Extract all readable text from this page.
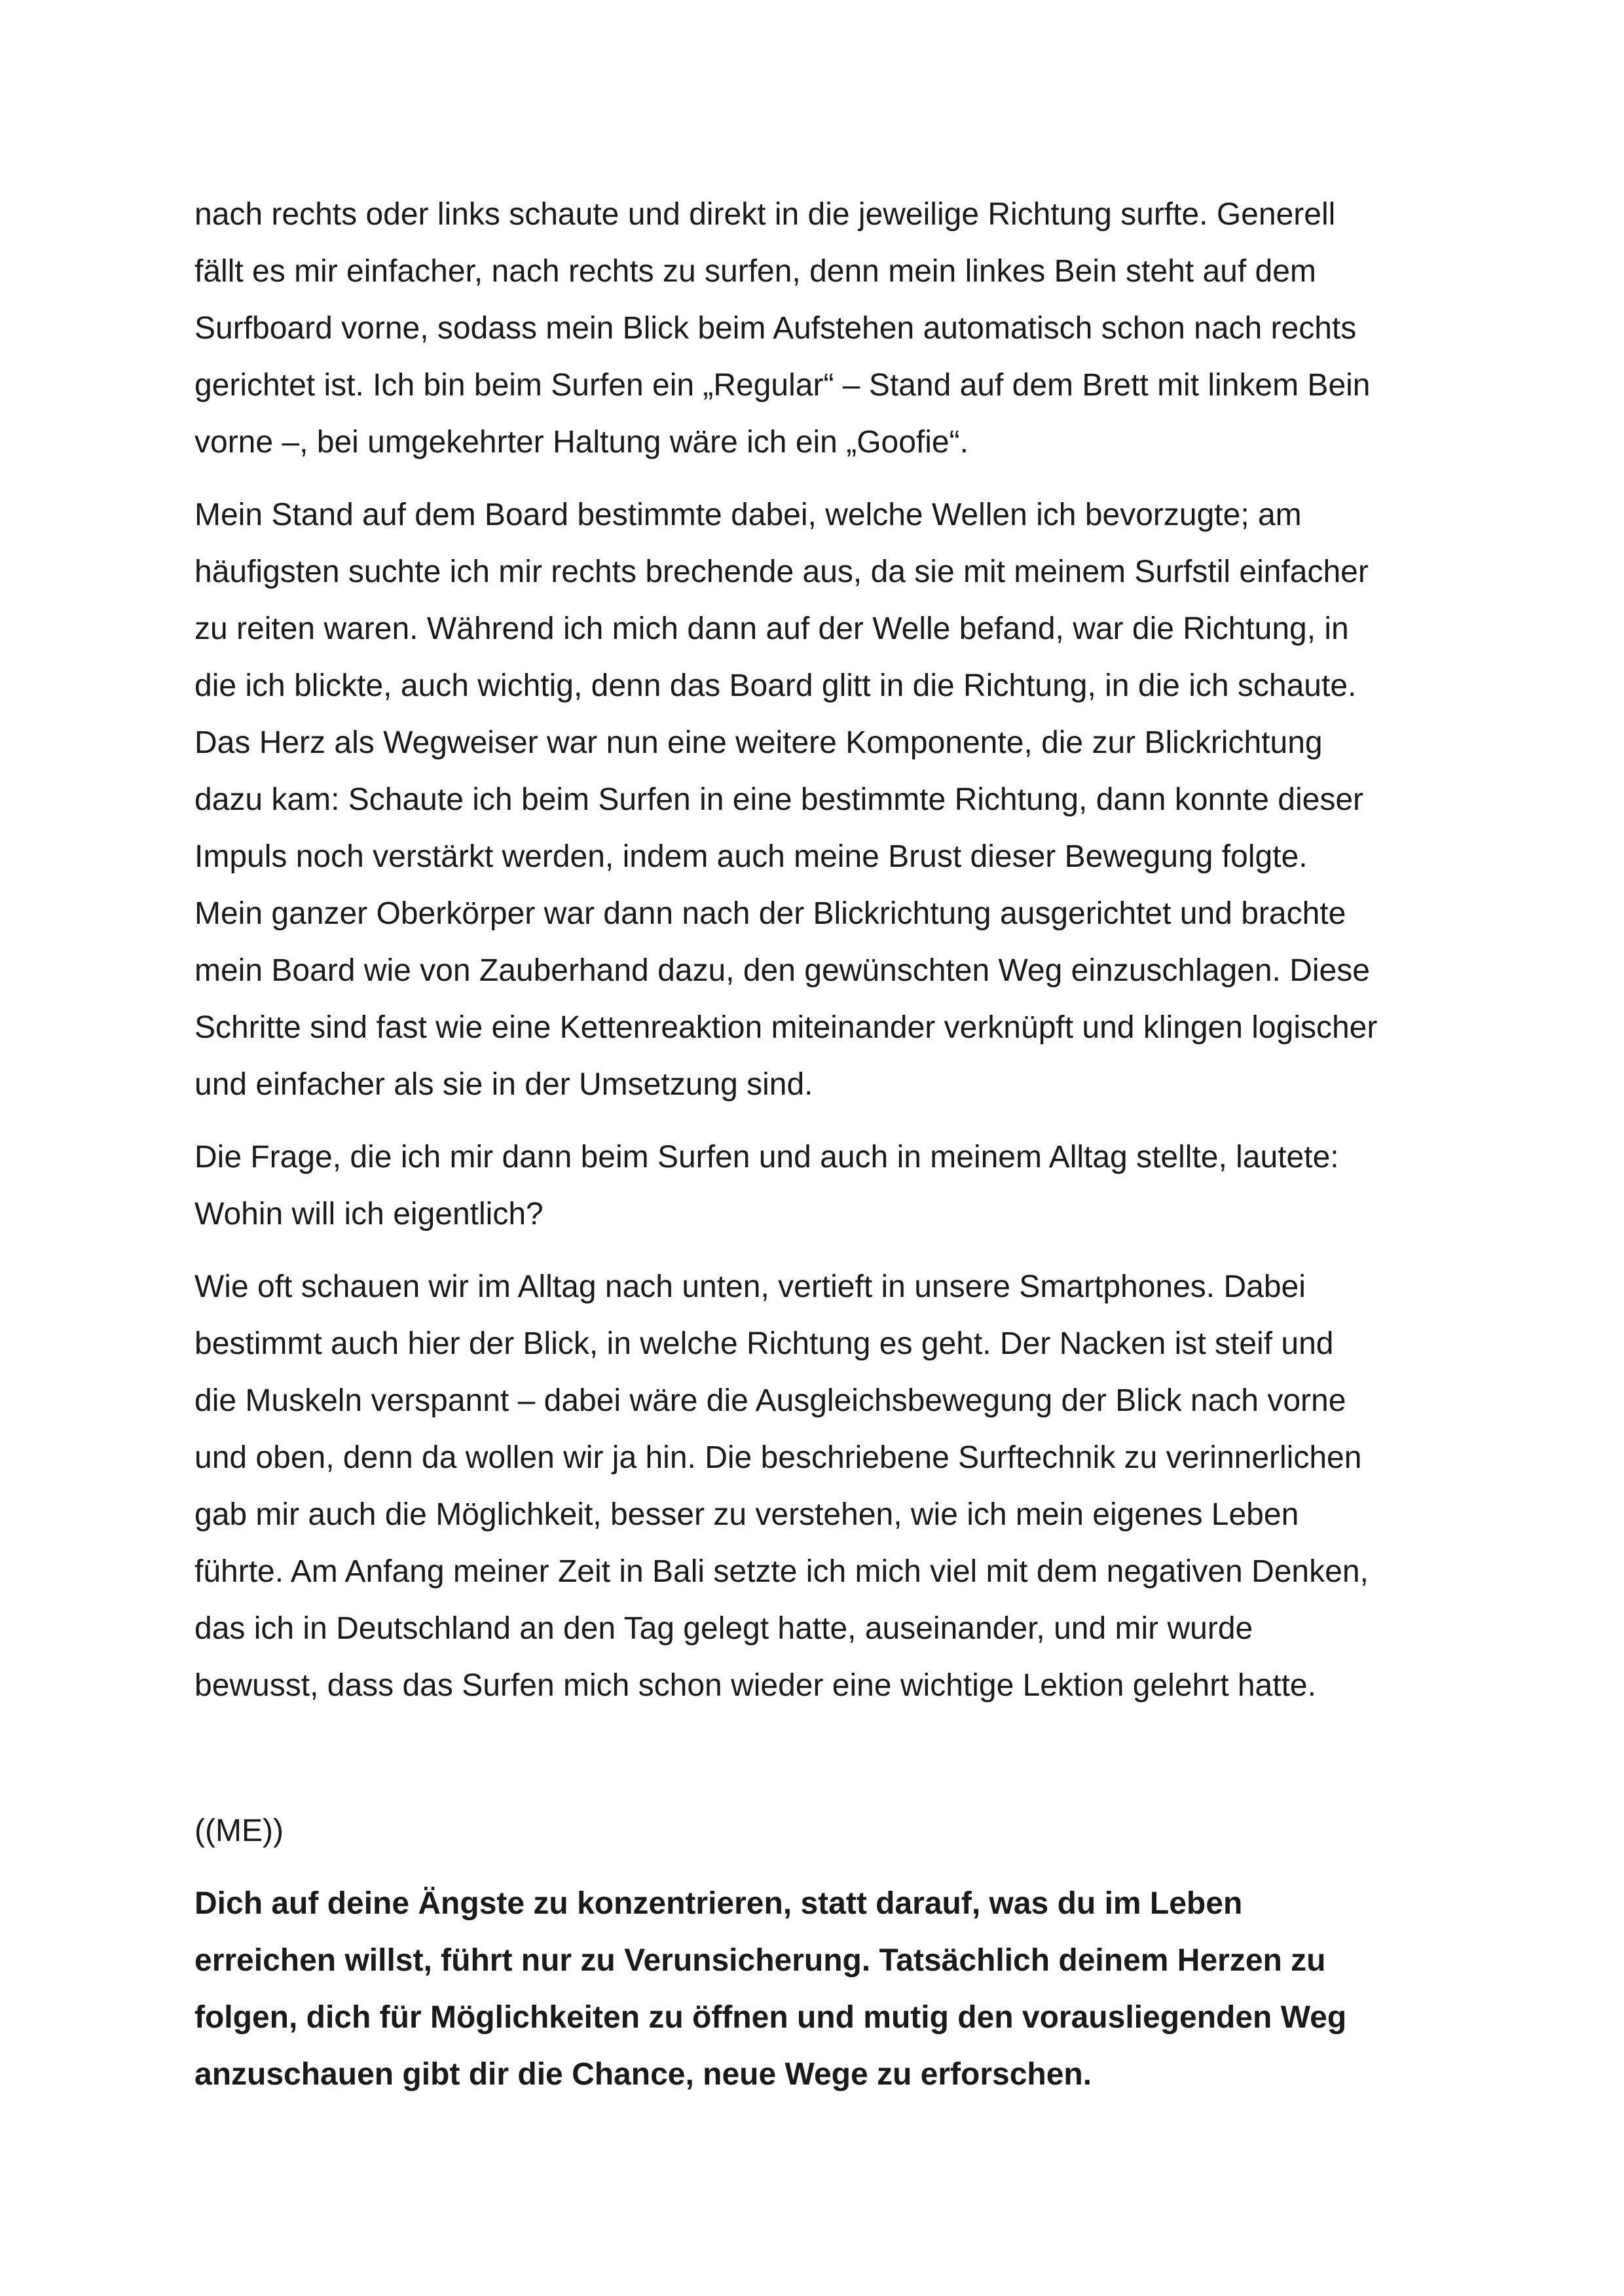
nach rechts oder links schaute und direkt in die jeweilige Richtung surfte. Generell
fällt es mir einfacher, nach rechts zu surfen, denn mein linkes Bein steht auf dem
Surfboard vorne, sodass mein Blick beim Aufstehen automatisch schon nach rechts
gerichtet ist. Ich bin beim Surfen ein „Regular“ – Stand auf dem Brett mit linkem Bein
vorne –, bei umgekehrter Haltung wäre ich ein „Goofie“.

Mein Stand auf dem Board bestimmte dabei, welche Wellen ich bevorzugte; am
häufigsten suchte ich mir rechts brechende aus, da sie mit meinem Surfstil einfacher
zu reiten waren. Während ich mich dann auf der Welle befand, war die Richtung, in
die ich blickte, auch wichtig, denn das Board glitt in die Richtung, in die ich schaute.
Das Herz als Wegweiser war nun eine weitere Komponente, die zur Blickrichtung
dazu kam: Schaute ich beim Surfen in eine bestimmte Richtung, dann konnte dieser
Impuls noch verstärkt werden, indem auch meine Brust dieser Bewegung folgte.
Mein ganzer Oberkörper war dann nach der Blickrichtung ausgerichtet und brachte
mein Board wie von Zauberhand dazu, den gewünschten Weg einzuschlagen. Diese
Schritte sind fast wie eine Kettenreaktion miteinander verknüpft und klingen logischer
und einfacher als sie in der Umsetzung sind.

Die Frage, die ich mir dann beim Surfen und auch in meinem Alltag stellte, lautete:
Wohin will ich eigentlich?

Wie oft schauen wir im Alltag nach unten, vertieft in unsere Smartphones. Dabei
bestimmt auch hier der Blick, in welche Richtung es geht. Der Nacken ist steif und
die Muskeln verspannt – dabei wäre die Ausgleichsbewegung der Blick nach vorne
und oben, denn da wollen wir ja hin. Die beschriebene Surftechnik zu verinnerlichen
gab mir auch die Möglichkeit, besser zu verstehen, wie ich mein eigenes Leben
führte. Am Anfang meiner Zeit in Bali setzte ich mich viel mit dem negativen Denken,
das ich in Deutschland an den Tag gelegt hatte, auseinander, und mir wurde
bewusst, dass das Surfen mich schon wieder eine wichtige Lektion gelehrt hatte.

((ME))

Dich auf deine Ängste zu konzentrieren, statt darauf, was du im Leben
erreichen willst, führt nur zu Verunsicherung. Tatsächlich deinem Herzen zu
folgen, dich für Möglichkeiten zu öffnen und mutig den vorausliegenden Weg
anzuschauen gibt dir die Chance, neue Wege zu erforschen.
